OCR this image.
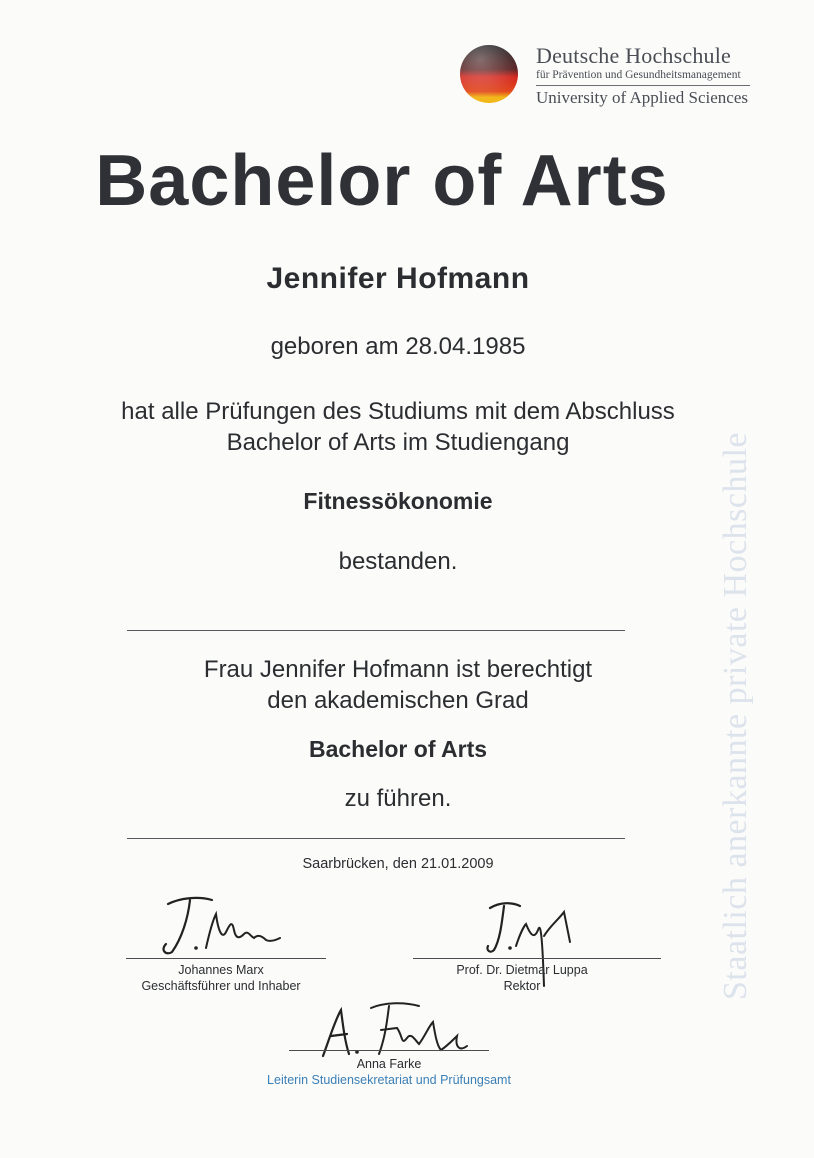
Deutsche Hochschule
für Prävention und Gesundheitsmanagement
University of Applied Sciences
Bachelor of Arts
Jennifer Hofmann
geboren am 28.04.1985
hat alle Prüfungen des Studiums mit dem Abschluss
Bachelor of Arts im Studiengang
Fitnessökonomie
bestanden.
Frau Jennifer Hofmann ist berechtigt
den akademischen Grad
Bachelor of Arts
zu führen.
Saarbrücken, den 21.01.2009
Johannes Marx
Geschäftsführer und Inhaber
Prof. Dr. Dietmar Luppa
Rektor
Anna Farke
Leiterin Studiensekretariat und Prüfungsamt
Staatlich anerkannte private Hochschule
